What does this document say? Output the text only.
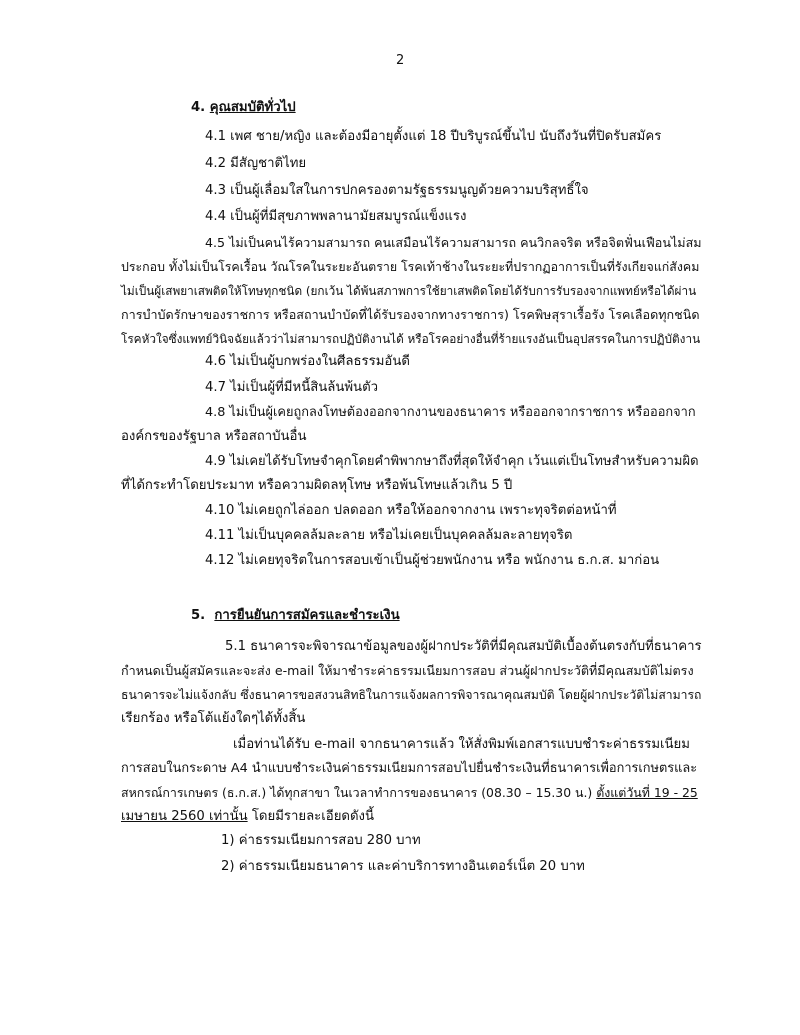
2
4. คุณสมบัติทั่วไป
4.1 เพศ ชาย/หญิง และต้องมีอายุตั้งแต่ 18 ปีบริบูรณ์ขึ้นไป นับถึงวันที่ปิดรับสมัคร
4.2 มีสัญชาติไทย
4.3 เป็นผู้เลื่อมใสในการปกครองตามรัฐธรรมนูญด้วยความบริสุทธิ์ใจ
4.4 เป็นผู้ที่มีสุขภาพพลานามัยสมบูรณ์แข็งแรง
4.5 ไม่เป็นคนไร้ความสามารถ คนเสมือนไร้ความสามารถ คนวิกลจริต หรือจิตฟั่นเฟือนไม่สม
ประกอบ ทั้งไม่เป็นโรคเรื้อน วัณโรคในระยะอันตราย โรคเท้าช้างในระยะที่ปรากฏอาการเป็นที่รังเกียจแก่สังคม
ไม่เป็นผู้เสพยาเสพติดให้โทษทุกชนิด (ยกเว้น ได้พ้นสภาพการใช้ยาเสพติดโดยได้รับการรับรองจากแพทย์หรือได้ผ่าน
การบำบัดรักษาของราชการ หรือสถานบำบัดที่ได้รับรองจากทางราชการ) โรคพิษสุราเรื้อรัง โรคเลือดทุกชนิด
โรคหัวใจซึ่งแพทย์วินิจฉัยแล้วว่าไม่สามารถปฏิบัติงานได้ หรือโรคอย่างอื่นที่ร้ายแรงอันเป็นอุปสรรคในการปฏิบัติงาน
4.6 ไม่เป็นผู้บกพร่องในศีลธรรมอันดี
4.7 ไม่เป็นผู้ที่มีหนี้สินล้นพ้นตัว
4.8 ไม่เป็นผู้เคยถูกลงโทษต้องออกจากงานของธนาคาร หรือออกจากราชการ หรือออกจาก
องค์กรของรัฐบาล หรือสถาบันอื่น
4.9 ไม่เคยได้รับโทษจำคุกโดยคำพิพากษาถึงที่สุดให้จำคุก เว้นแต่เป็นโทษสำหรับความผิด
ที่ได้กระทำโดยประมาท หรือความผิดลหุโทษ หรือพ้นโทษแล้วเกิน 5 ปี
4.10 ไม่เคยถูกไล่ออก ปลดออก หรือให้ออกจากงาน เพราะทุจริตต่อหน้าที่
4.11 ไม่เป็นบุคคลล้มละลาย หรือไม่เคยเป็นบุคคลล้มละลายทุจริต
4.12 ไม่เคยทุจริตในการสอบเข้าเป็นผู้ช่วยพนักงาน หรือ พนักงาน ธ.ก.ส. มาก่อน
5. การยืนยันการสมัครและชำระเงิน
5.1 ธนาคารจะพิจารณาข้อมูลของผู้ฝากประวัติที่มีคุณสมบัติเบื้องต้นตรงกับที่ธนาคาร
กำหนดเป็นผู้สมัครและจะส่ง e-mail ให้มาชำระค่าธรรมเนียมการสอบ ส่วนผู้ฝากประวัติที่มีคุณสมบัติไม่ตรง
ธนาคารจะไม่แจ้งกลับ ซึ่งธนาคารขอสงวนสิทธิในการแจ้งผลการพิจารณาคุณสมบัติ โดยผู้ฝากประวัติไม่สามารถ
เรียกร้อง หรือโต้แย้งใดๆได้ทั้งสิ้น
เมื่อท่านได้รับ e-mail จากธนาคารแล้ว ให้สั่งพิมพ์เอกสารแบบชำระค่าธรรมเนียม
การสอบในกระดาษ A4 นำแบบชำระเงินค่าธรรมเนียมการสอบไปยื่นชำระเงินที่ธนาคารเพื่อการเกษตรและ
สหกรณ์การเกษตร (ธ.ก.ส.) ได้ทุกสาขา ในเวลาทำการของธนาคาร (08.30 – 15.30 น.) ตั้งแต่วันที่ 19 - 25
เมษายน 2560 เท่านั้น โดยมีรายละเอียดดังนี้
1) ค่าธรรมเนียมการสอบ 280 บาท
2) ค่าธรรมเนียมธนาคาร และค่าบริการทางอินเตอร์เน็ต 20 บาท
